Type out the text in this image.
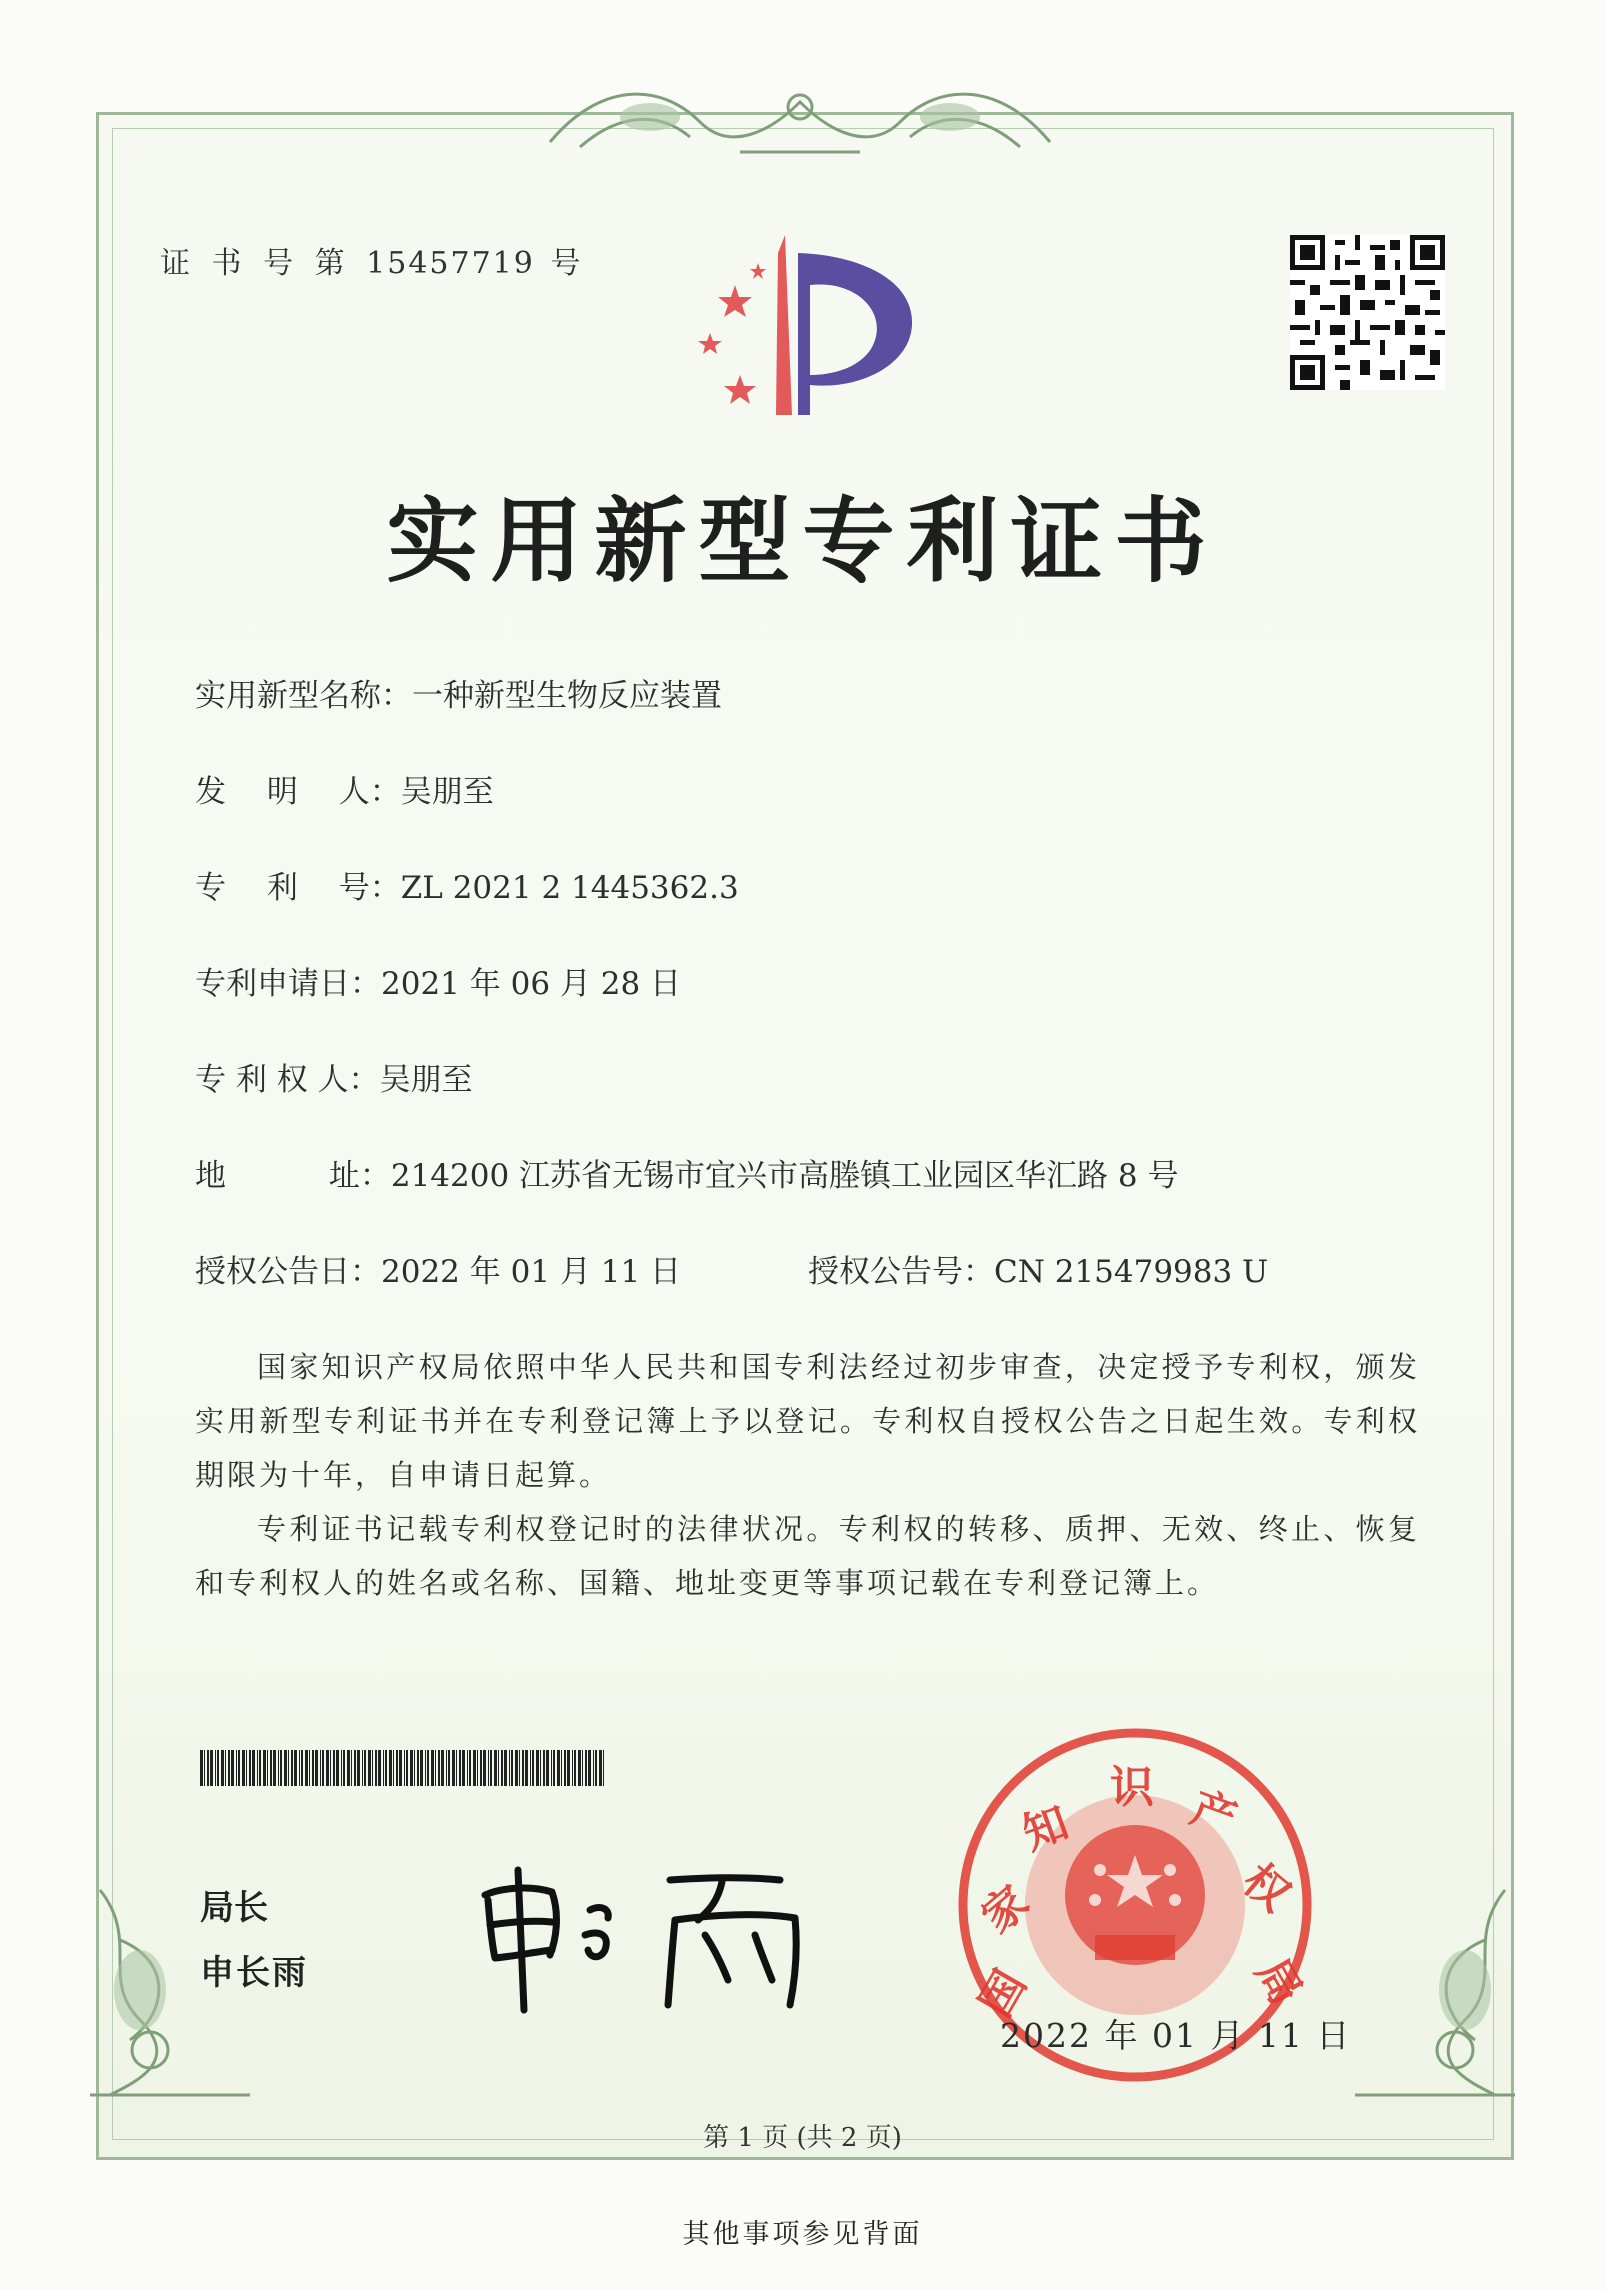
证 书 号 第 15457719 号
实用新型专利证书
实用新型名称：一种新型生物反应装置
发　 明　 人：吴朋至
专　 利　 号：ZL 2021 2 1445362.3
专利申请日：2021 年 06 月 28 日
专 利 权 人：吴朋至
地　　　 址：214200 江苏省无锡市宜兴市高塍镇工业园区华汇路 8 号
授权公告日：2022 年 01 月 11 日	授权公告号：CN 215479983 U

国家知识产权局依照中华人民共和国专利法经过初步审查，决定授予专利权，颁发实用新型专利证书并在专利登记簿上予以登记。专利权自授权公告之日起生效。专利权期限为十年，自申请日起算。

专利证书记载专利权登记时的法律状况。专利权的转移、质押、无效、终止、恢复和专利权人的姓名或名称、国籍、地址变更等事项记载在专利登记簿上。

局长
申长雨	国
家
知
识 产
权
局
2022 年 01 月 11 日
第 1 页 (共 2 页)
其他事项参见背面
